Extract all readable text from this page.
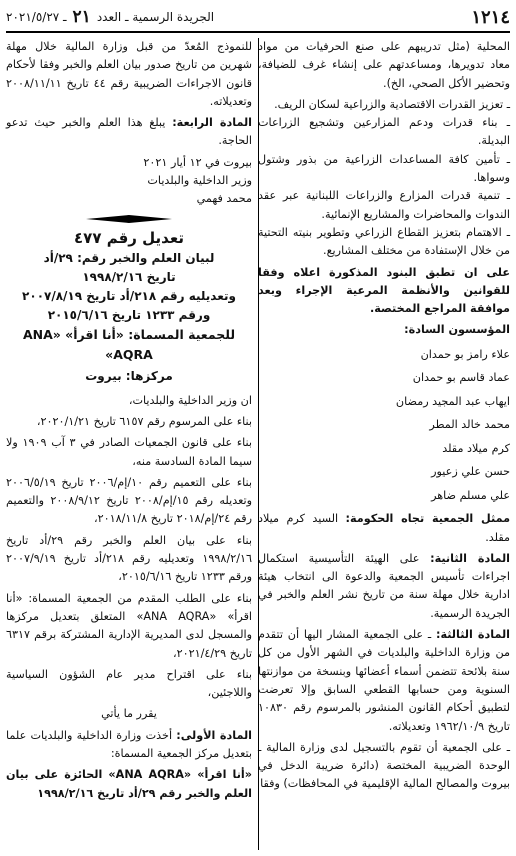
١٢١٤
الجريدة الرسمية ـ العدد
٢١
ـ ٢٠٢١/٥/٢٧

المحلية (مثل تدريبهم على صنع الحرفيات من مواد معاد تدويرها، ومساعدتهم على إنشاء غرف للضيافة، وتحضير الأكل الصحي، الخ).

ـ تعزيز القدرات الاقتصادية والزراعية لسكان الريف.
ـ بناء قدرات ودعم المزارعين وتشجيع الزراعات البديلة.
ـ تأمين كافة المساعدات الزراعية من بذور وشتول وسواها.
ـ تنمية قدرات المزارع والزراعات اللبنانية عبر عقد الندوات والمحاضرات والمشاريع الإنمائية.
ـ الاهتمام بتعزيز القطاع الزراعي وتطوير بنيته التحتية من خلال الإستفادة من مختلف المشاريع.

على ان تطبق البنود المذكورة اعلاه وفقا للقوانين والأنظمة المرعية الإجراء وبعد موافقة المراجع المختصة.

المؤسسون السادة:

علاء رامز بو حمدان
عماد قاسم بو حمدان
ايهاب عبد المجيد رمضان
محمد خالد المطر
كرم ميلاد مقلد
حسن علي زعيور
علي مسلم ضاهر

ممثل الجمعية تجاه الحكومة: السيد كرم ميلاد مقلد.

المادة الثانية: على الهيئة التأسيسية استكمال اجراءات تأسيس الجمعية والدعوة الى انتخاب هيئة ادارية خلال مهلة سنة من تاريخ نشر العلم والخبر في الجريدة الرسمية.

المادة الثالثة: ـ على الجمعية المشار اليها أن تتقدم من وزارة الداخلية والبلديات في الشهر الأول من كل سنة بلائحة تتضمن أسماء أعضائها وبنسخة من موازنتها السنوية ومن حسابها القطعي السابق وإلا تعرضت لتطبيق أحكام القانون المنشور بالمرسوم رقم ١٠٨٣٠ تاريخ ١٩٦٢/١٠/٩ وتعديلاته.

ـ على الجمعية أن تقوم بالتسجيل لدى وزارة المالية ـ الوحدة الضريبية المختصة (دائرة ضريبة الدخل في بيروت والمصالح المالية الإقليمية في المحافظات) وفقا

للنموذج المُعدّ من قبل وزارة المالية خلال مهلة شهرين من تاريخ صدور بيان العلم والخبر وفقا لأحكام قانون الاجراءات الضريبية رقم ٤٤ تاريخ ٢٠٠٨/١١/١١ وتعديلاته.

المادة الرابعة: يبلغ هذا العلم والخبر حيث تدعو الحاجة.

بيروت في ١٢ أيار ٢٠٢١

وزير الداخلية والبلديات

محمد فهمي

تعديل رقم ٤٧٧

لبيان العلم والخبر رقم: ٢٩/أد

تاريخ ١٩٩٨/٢/١٦

وتعديليه رقم ٢١٨/أد تاريخ ٢٠٠٧/٨/١٩

ورقم ١٢٣٣ تاريخ ٢٠١٥/٦/١٦

للجمعية المسماة: «أنا اقرأ» «ANA AQRA»

مركزها: بيروت

ان وزير الداخلية والبلديات،

بناء على المرسوم رقم ٦١٥٧ تاريخ ٢٠٢٠/١/٢١،

بناء على قانون الجمعيات الصادر في ٣ آب ١٩٠٩ ولا سيما المادة السادسة منه،

بناء على التعميم رقم ١٠/إم/٢٠٠٦ تاريخ ٢٠٠٦/٥/١٩ وتعديله رقم ١٥/إم/٢٠٠٨ تاريخ ٢٠٠٨/٩/١٢ والتعميم رقم ٢٤/إم/٢٠١٨ تاريخ ٢٠١٨/١١/٨،

بناء على بيان العلم والخبر رقم ٢٩/أد تاريخ ١٩٩٨/٢/١٦ وتعديليه رقم ٢١٨/أد تاريخ ٢٠٠٧/٩/١٩ ورقم ١٢٣٣ تاريخ ٢٠١٥/٦/١٦،

بناء على الطلب المقدم من الجمعية المسماة: «أنا اقرأ» «ANA AQRA» المتعلق بتعديل مركزها والمسجل لدى المديرية الإدارية المشتركة برقم ٦٣١٧ تاريخ ٢٠٢١/٤/٢٩،

بناء على اقتراح مدير عام الشؤون السياسية واللاجئين،

يقرر ما يأتي

المادة الأولى: أخذت وزارة الداخلية والبلديات علما بتعديل مركز الجمعية المسماة:

«أنا اقرأ» «ANA AQRA» الحائزة على بيان العلم والخبر رقم ٢٩/أد تاريخ ١٩٩٨/٢/١٦
